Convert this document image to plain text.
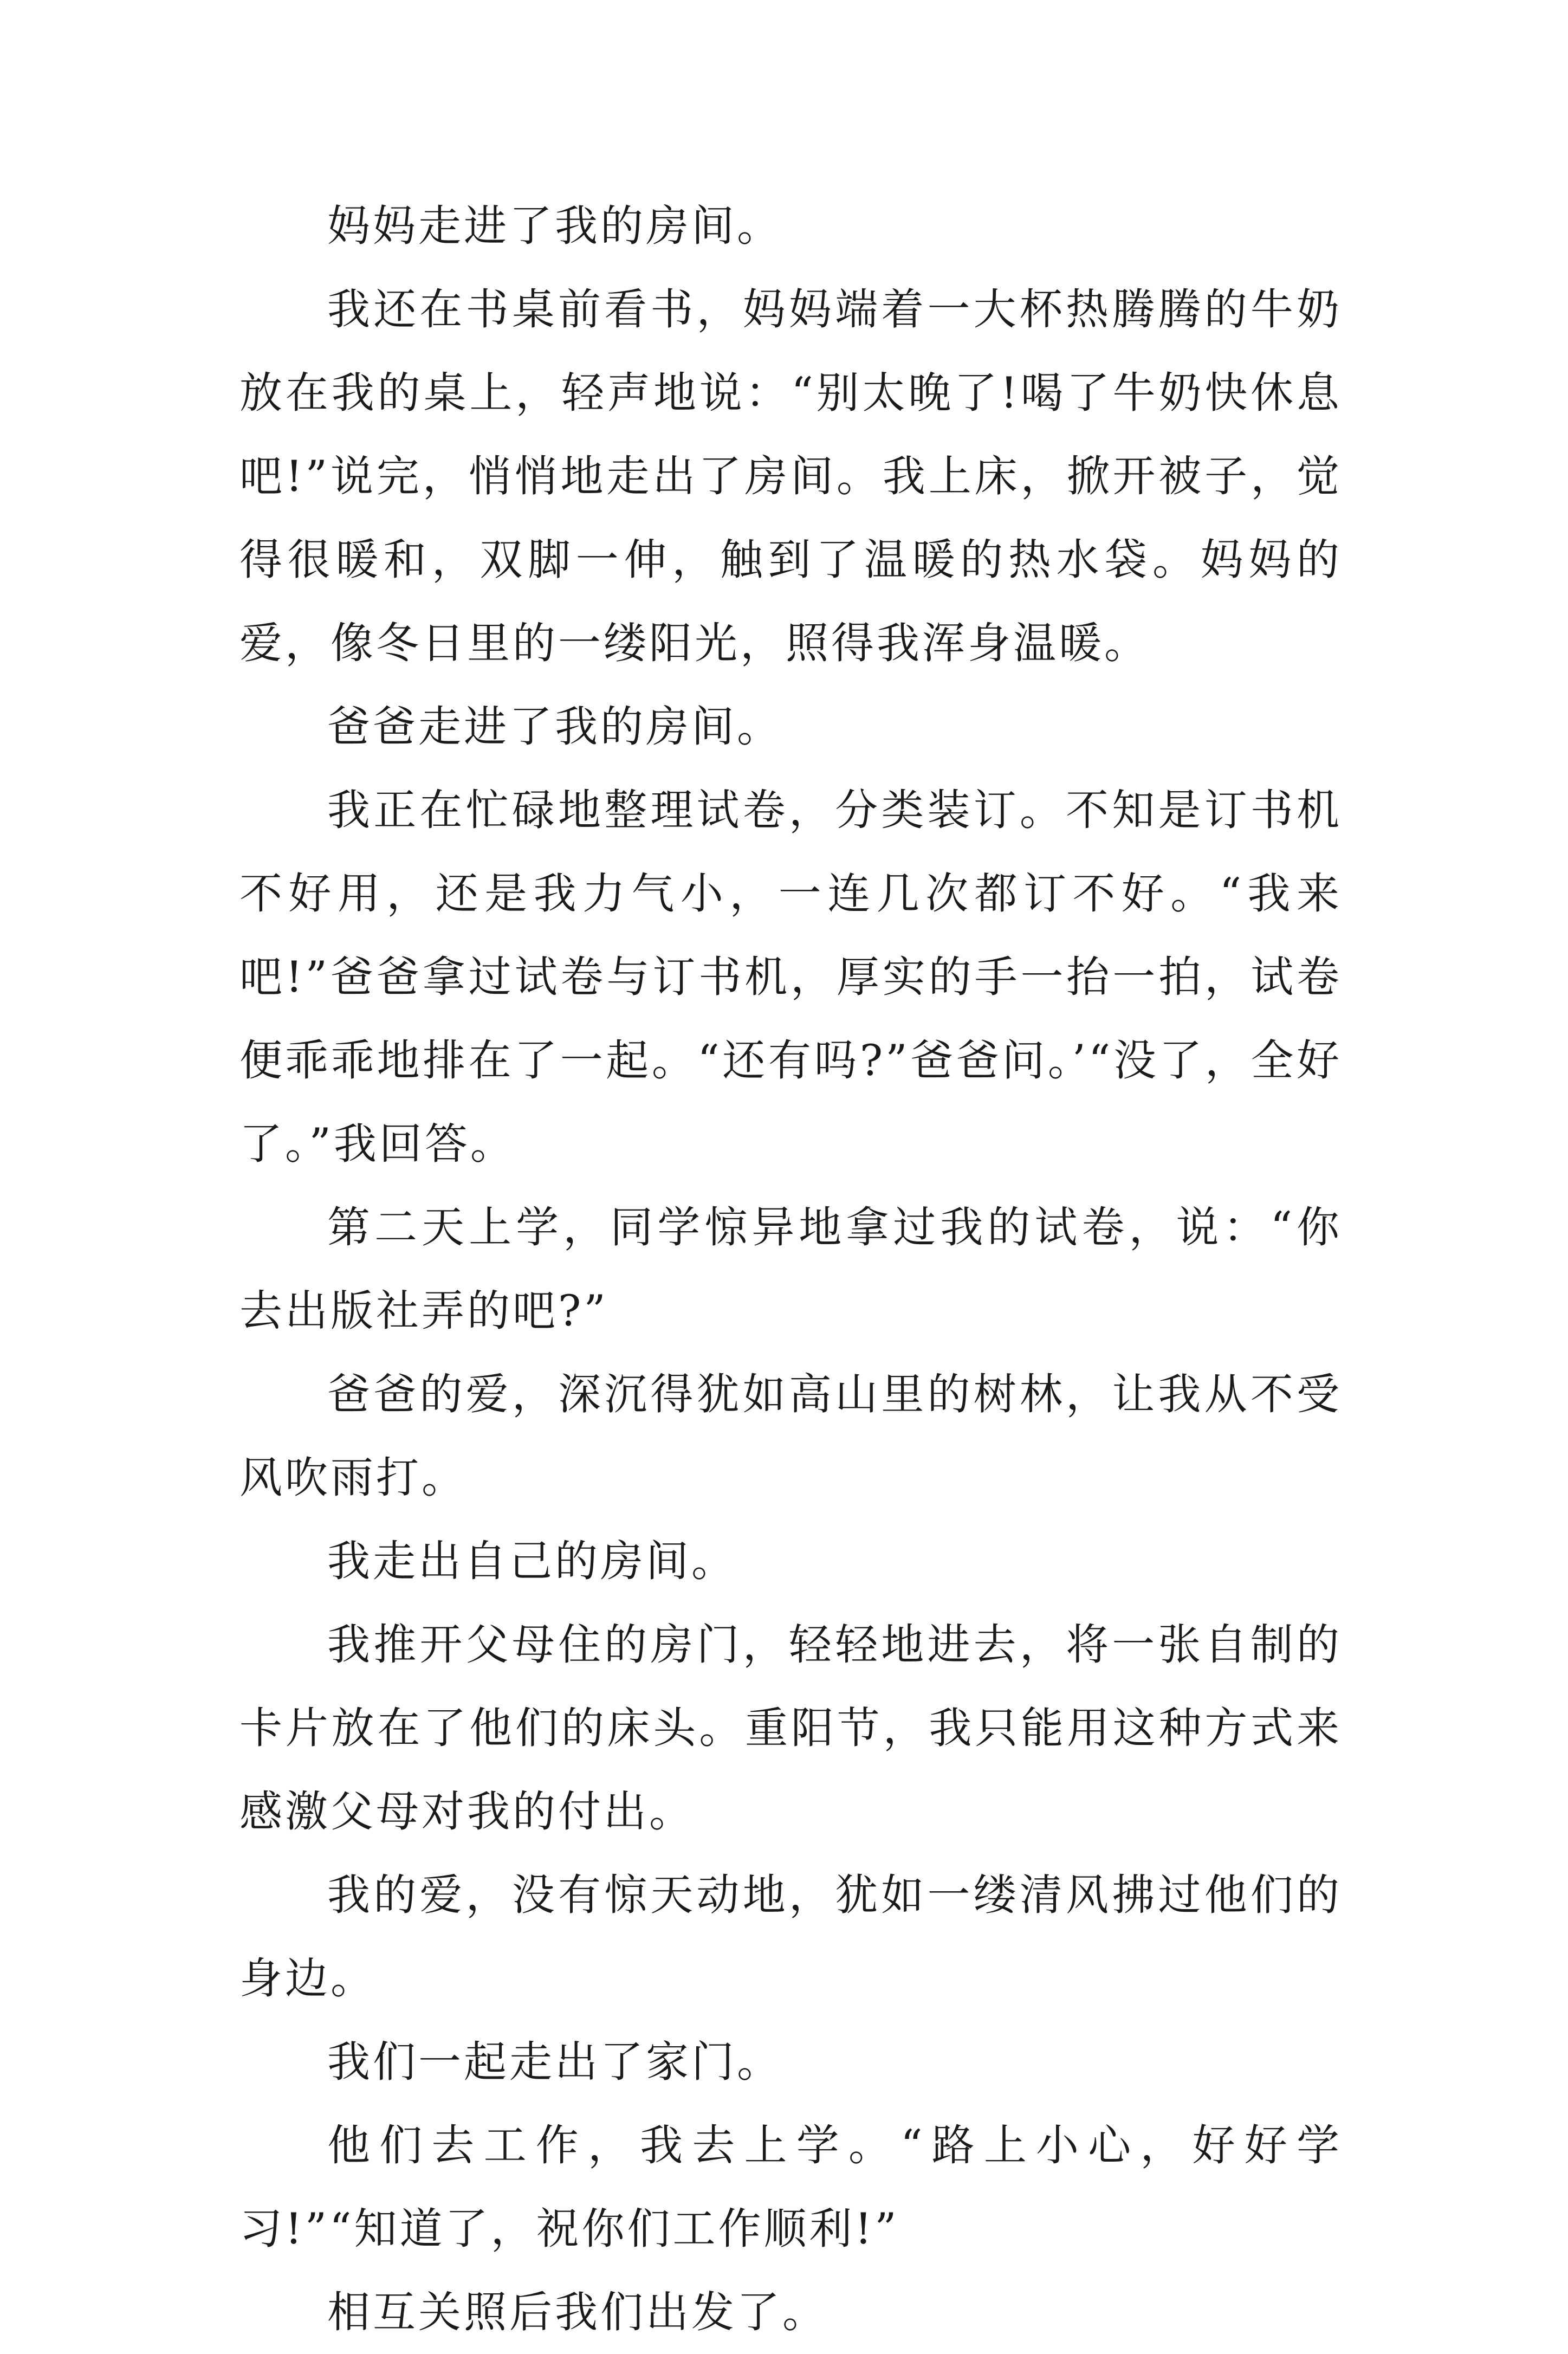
妈妈走进了我的房间。

我还在书桌前看书，妈妈端着一大杯热腾腾的牛奶放在我的桌上，轻声地说：“别太晚了!喝了牛奶快休息吧!”说完，悄悄地走出了房间。我上床，掀开被子，觉得很暖和，双脚一伸，触到了温暖的热水袋。妈妈的爱，像冬日里的一缕阳光，照得我浑身温暖。

爸爸走进了我的房间。

我正在忙碌地整理试卷，分类装订。不知是订书机不好用，还是我力气小，一连几次都订不好。“我来吧!”爸爸拿过试卷与订书机，厚实的手一抬一拍，试卷便乖乖地排在了一起。“还有吗?”爸爸问。’“没了，全好了。”我回答。

第二天上学，同学惊异地拿过我的试卷，说：“你去出版社弄的吧?”

爸爸的爱，深沉得犹如高山里的树林，让我从不受风吹雨打。

我走出自己的房间。

我推开父母住的房门，轻轻地进去，将一张自制的卡片放在了他们的床头。重阳节，我只能用这种方式来感激父母对我的付出。

我的爱，没有惊天动地，犹如一缕清风拂过他们的身边。

我们一起走出了家门。

他们去工作，我去上学。“路上小心，好好学习!”“知道了，祝你们工作顺利!”

相互关照后我们出发了。
